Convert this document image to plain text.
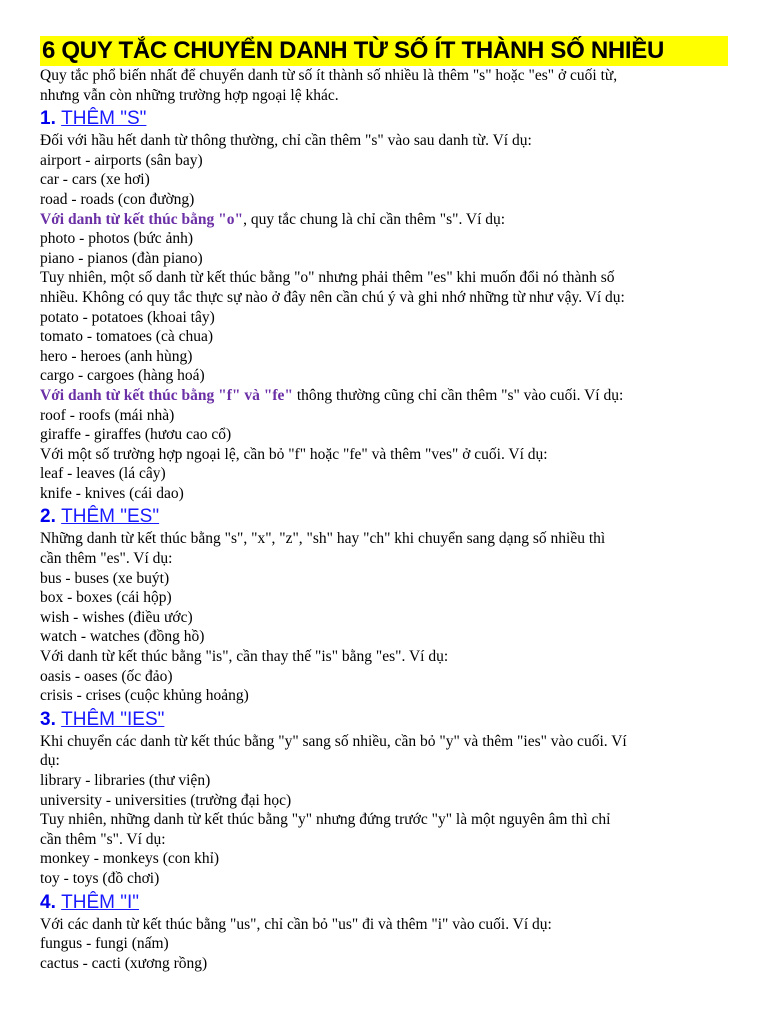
6 QUY TẮC CHUYỂN DANH TỪ SỐ ÍT THÀNH SỐ NHIỀU

Quy tắc phổ biến nhất để chuyển danh từ số ít thành số nhiều là thêm "s" hoặc "es" ở cuối từ,

nhưng vẫn còn những trường hợp ngoại lệ khác.

1. THÊM "S"

Đối với hầu hết danh từ thông thường, chỉ cần thêm "s" vào sau danh từ. Ví dụ:

airport - airports (sân bay)

car - cars (xe hơi)

road - roads (con đường)

Với danh từ kết thúc bằng "o", quy tắc chung là chỉ cần thêm "s". Ví dụ:

photo - photos (bức ảnh)

piano - pianos (đàn piano)

Tuy nhiên, một số danh từ kết thúc bằng "o" nhưng phải thêm "es" khi muốn đổi nó thành số

nhiều. Không có quy tắc thực sự nào ở đây nên cần chú ý và ghi nhớ những từ như vậy. Ví dụ:

potato - potatoes (khoai tây)

tomato - tomatoes (cà chua)

hero - heroes (anh hùng)

cargo - cargoes (hàng hoá)

Với danh từ kết thúc bằng "f" và "fe" thông thường cũng chỉ cần thêm "s" vào cuối. Ví dụ:

roof - roofs (mái nhà)

giraffe - giraffes (hươu cao cổ)

Với một số trường hợp ngoại lệ, cần bỏ "f" hoặc "fe" và thêm "ves" ở cuối. Ví dụ:

leaf - leaves (lá cây)

knife - knives (cái dao)

2. THÊM "ES"

Những danh từ kết thúc bằng "s", "x", "z", "sh" hay "ch" khi chuyển sang dạng số nhiều thì

cần thêm "es". Ví dụ:

bus - buses (xe buýt)

box - boxes (cái hộp)

wish - wishes (điều ước)

watch - watches (đồng hồ)

Với danh từ kết thúc bằng "is", cần thay thế "is" bằng "es". Ví dụ:

oasis - oases (ốc đảo)

crisis - crises (cuộc khủng hoảng)

3. THÊM "IES"

Khi chuyển các danh từ kết thúc bằng "y" sang số nhiều, cần bỏ "y" và thêm "ies" vào cuối. Ví

dụ:

library - libraries (thư viện)

university - universities (trường đại học)

Tuy nhiên, những danh từ kết thúc bằng "y" nhưng đứng trước "y" là một nguyên âm thì chỉ

cần thêm "s". Ví dụ:

monkey - monkeys (con khỉ)

toy - toys (đồ chơi)

4. THÊM "I"

Với các danh từ kết thúc bằng "us", chỉ cần bỏ "us" đi và thêm "i" vào cuối. Ví dụ:

fungus - fungi (nấm)

cactus - cacti (xương rồng)
